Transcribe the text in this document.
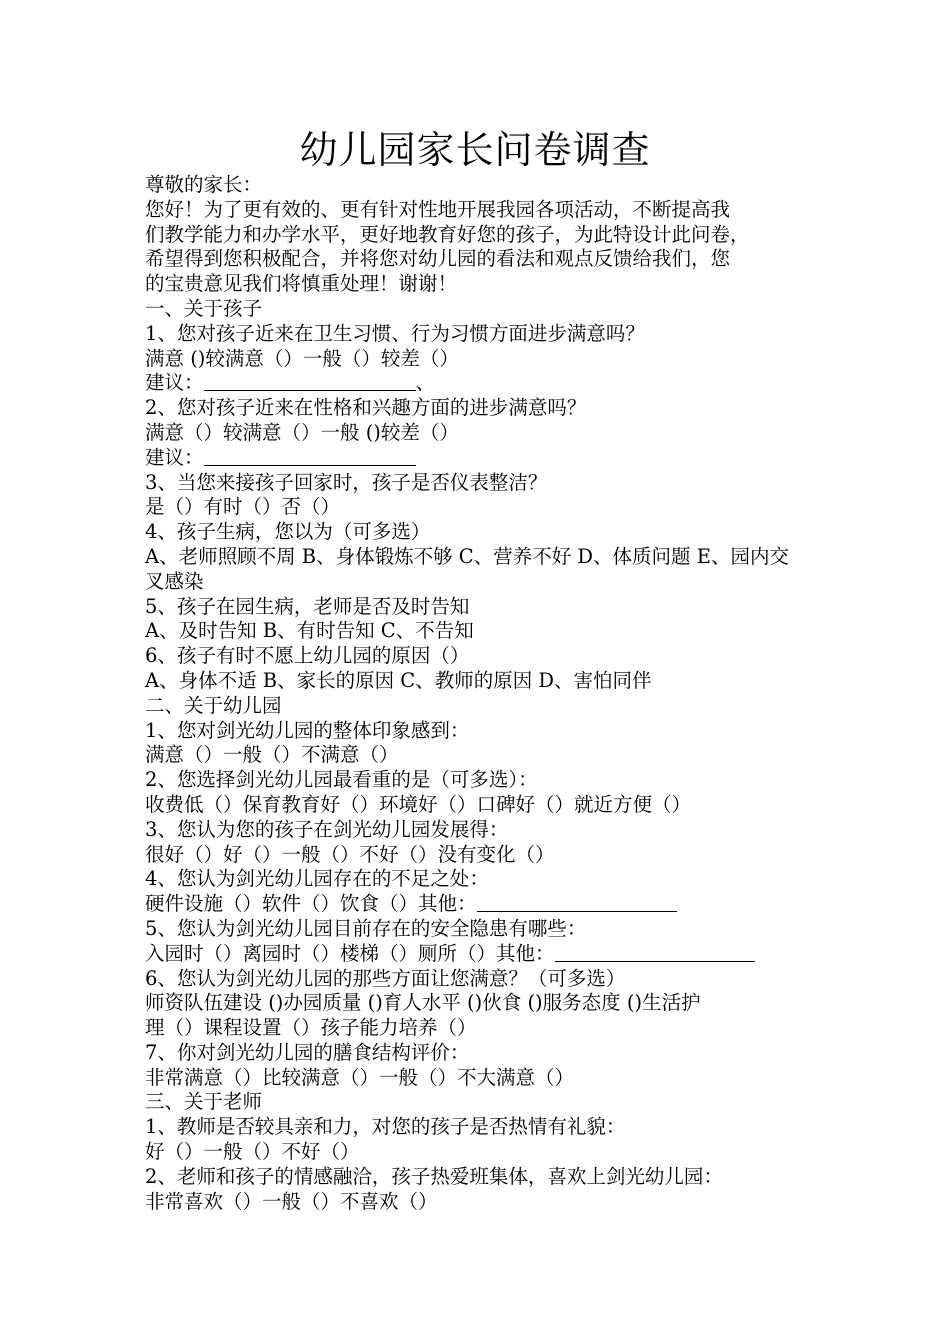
幼儿园家长问卷调查
尊敬的家长：
您好！为了更有效的、更有针对性地开展我园各项活动，不断提高我
们教学能力和办学水平，更好地教育好您的孩子，为此特设计此问卷，
希望得到您积极配合，并将您对幼儿园的看法和观点反馈给我们，您
的宝贵意见我们将慎重处理！谢谢！
一、关于孩子
1、您对孩子近来在卫生习惯、行为习惯方面进步满意吗？
满意 ()较满意（）一般（）较差（）
建议：	、
2、您对孩子近来在性格和兴趣方面的进步满意吗？
满意（）较满意（）一般 ()较差（）
建议：
3、当您来接孩子回家时，孩子是否仪表整洁？
是（）有时（）否（）
4、孩子生病，您以为（可多选）
A、老师照顾不周 B、身体锻炼不够 C、营养不好 D、体质问题 E、园内交
叉感染
5、孩子在园生病，老师是否及时告知
A、及时告知 B、有时告知 C、不告知
6、孩子有时不愿上幼儿园的原因（）
A、身体不适 B、家长的原因 C、教师的原因 D、害怕同伴
二、关于幼儿园
1、您对剑光幼儿园的整体印象感到：
满意（）一般（）不满意（）
2、您选择剑光幼儿园最看重的是（可多选）：
收费低（）保育教育好（）环境好（）口碑好（）就近方便（）
3、您认为您的孩子在剑光幼儿园发展得：
很好（）好（）一般（）不好（）没有变化（）
4、您认为剑光幼儿园存在的不足之处：
硬件设施（）软件（）饮食（）其他：
5、您认为剑光幼儿园目前存在的安全隐患有哪些：
入园时（）离园时（）楼梯（）厕所（）其他：
6、您认为剑光幼儿园的那些方面让您满意？（可多选）
师资队伍建设 ()办园质量 ()育人水平 ()伙食 ()服务态度 ()生活护
理（）课程设置（）孩子能力培养（）
7、你对剑光幼儿园的膳食结构评价：
非常满意（）比较满意（）一般（）不大满意（）
三、关于老师
1、教师是否较具亲和力，对您的孩子是否热情有礼貌：
好（）一般（）不好（）
2、老师和孩子的情感融洽，孩子热爱班集体，喜欢上剑光幼儿园：
非常喜欢（）一般（）不喜欢（）
